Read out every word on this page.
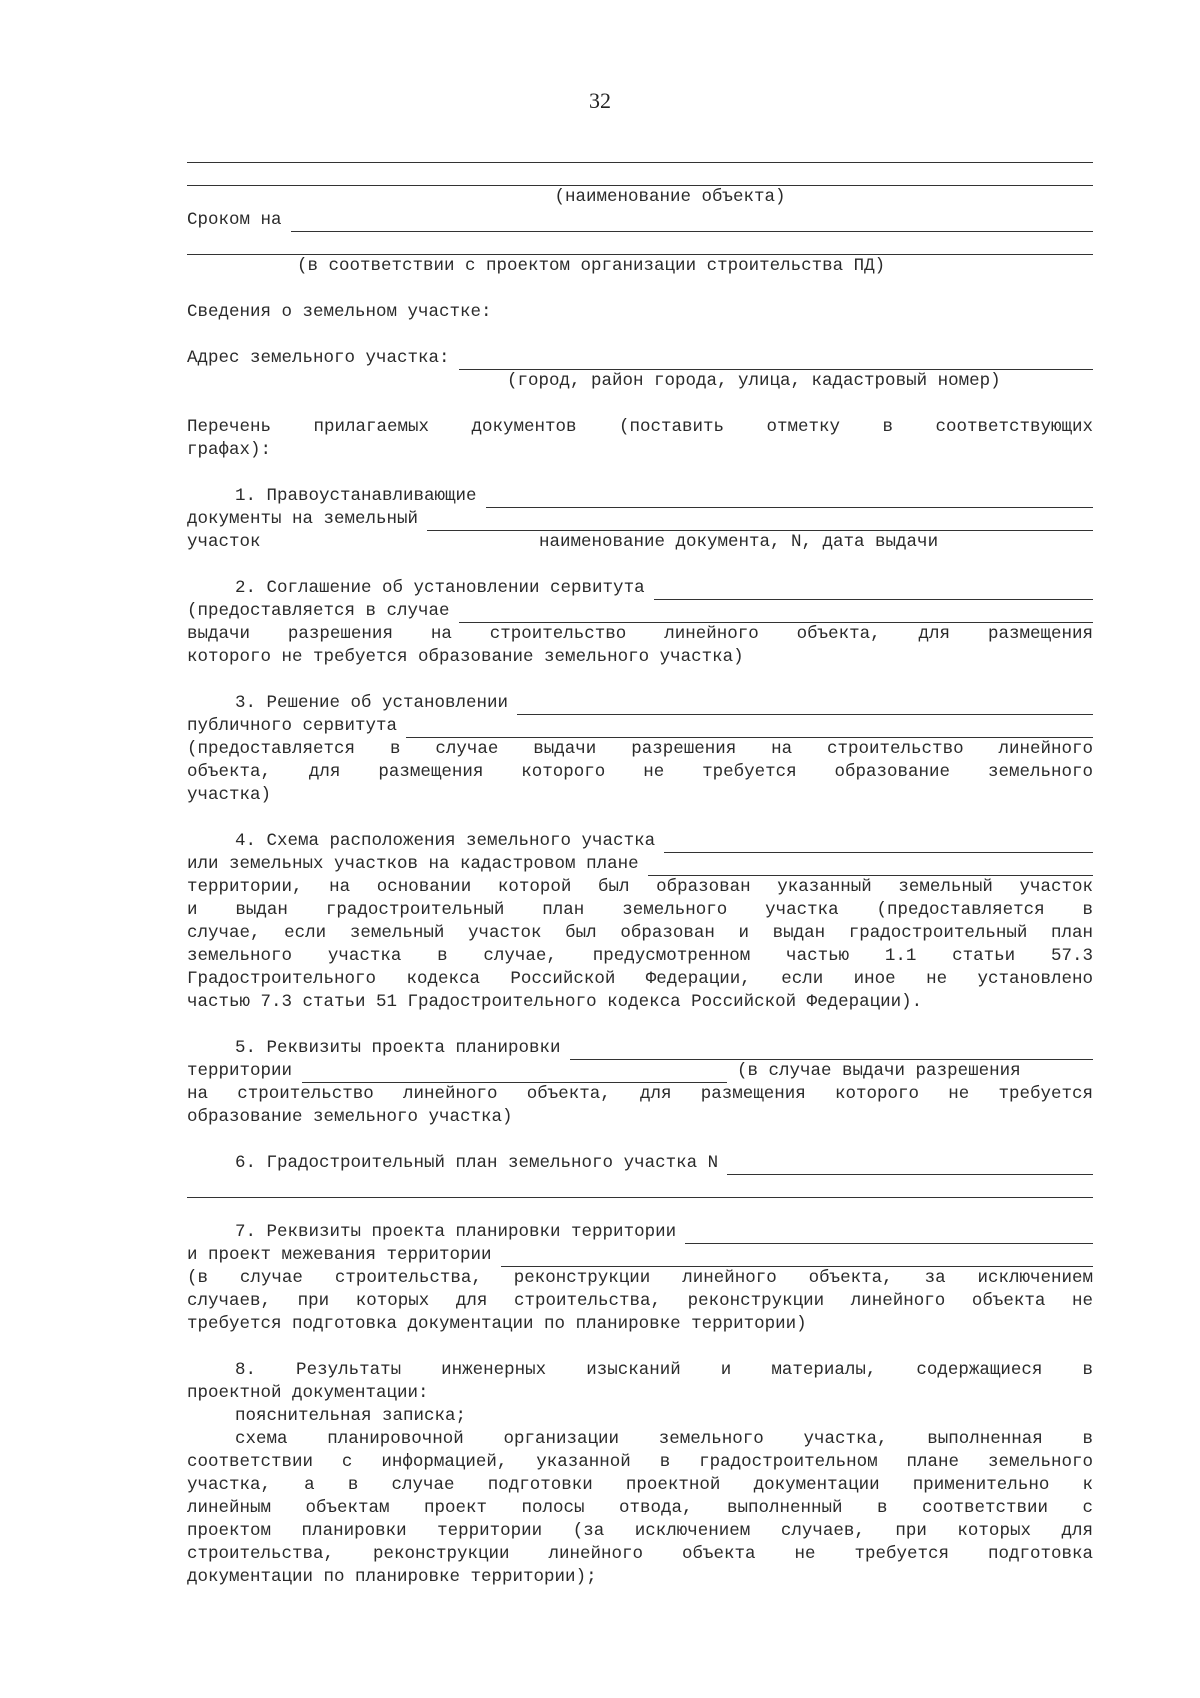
32
(наименование объекта)
Сроком на
(в соответствии с проектом организации строительства ПД)
Сведения о земельном участке:
Адрес земельного участка:
(город, район города, улица, кадастровый номер)
Перечень прилагаемых документов (поставить отметку в соответствующих
графах):
1. Правоустанавливающие
документы на земельный
участок	наименование документа, N, дата выдачи
2. Соглашение об установлении сервитута
(предоставляется в случае
выдачи разрешения на строительство линейного объекта, для размещения
которого не требуется образование земельного участка)
3. Решение об установлении
публичного сервитута
(предоставляется в случае выдачи разрешения на строительство линейного
объекта, для размещения которого не требуется образование земельного
участка)
4. Схема расположения земельного участка
или земельных участков на кадастровом плане
территории, на основании которой был образован указанный земельный участок
и выдан градостроительный план земельного участка (предоставляется в
случае, если земельный участок был образован и выдан градостроительный план
земельного участка в случае, предусмотренном частью 1.1 статьи 57.3
Градостроительного кодекса Российской Федерации, если иное не установлено
частью 7.3 статьи 51 Градостроительного кодекса Российской Федерации).
5. Реквизиты проекта планировки
территории	(в случае выдачи разрешения
на строительство линейного объекта, для размещения которого не требуется
образование земельного участка)
6. Градостроительный план земельного участка N
7. Реквизиты проекта планировки территории
и проект межевания территории
(в случае строительства, реконструкции линейного объекта, за исключением
случаев, при которых для строительства, реконструкции линейного объекта не
требуется подготовка документации по планировке территории)
8. Результаты инженерных изысканий и материалы, содержащиеся в
проектной документации:
пояснительная записка;
схема планировочной организации земельного участка, выполненная в
соответствии с информацией, указанной в градостроительном плане земельного
участка, а в случае подготовки проектной документации применительно к
линейным объектам проект полосы отвода, выполненный в соответствии с
проектом планировки территории (за исключением случаев, при которых для
строительства, реконструкции линейного объекта не требуется подготовка
документации по планировке территории);
